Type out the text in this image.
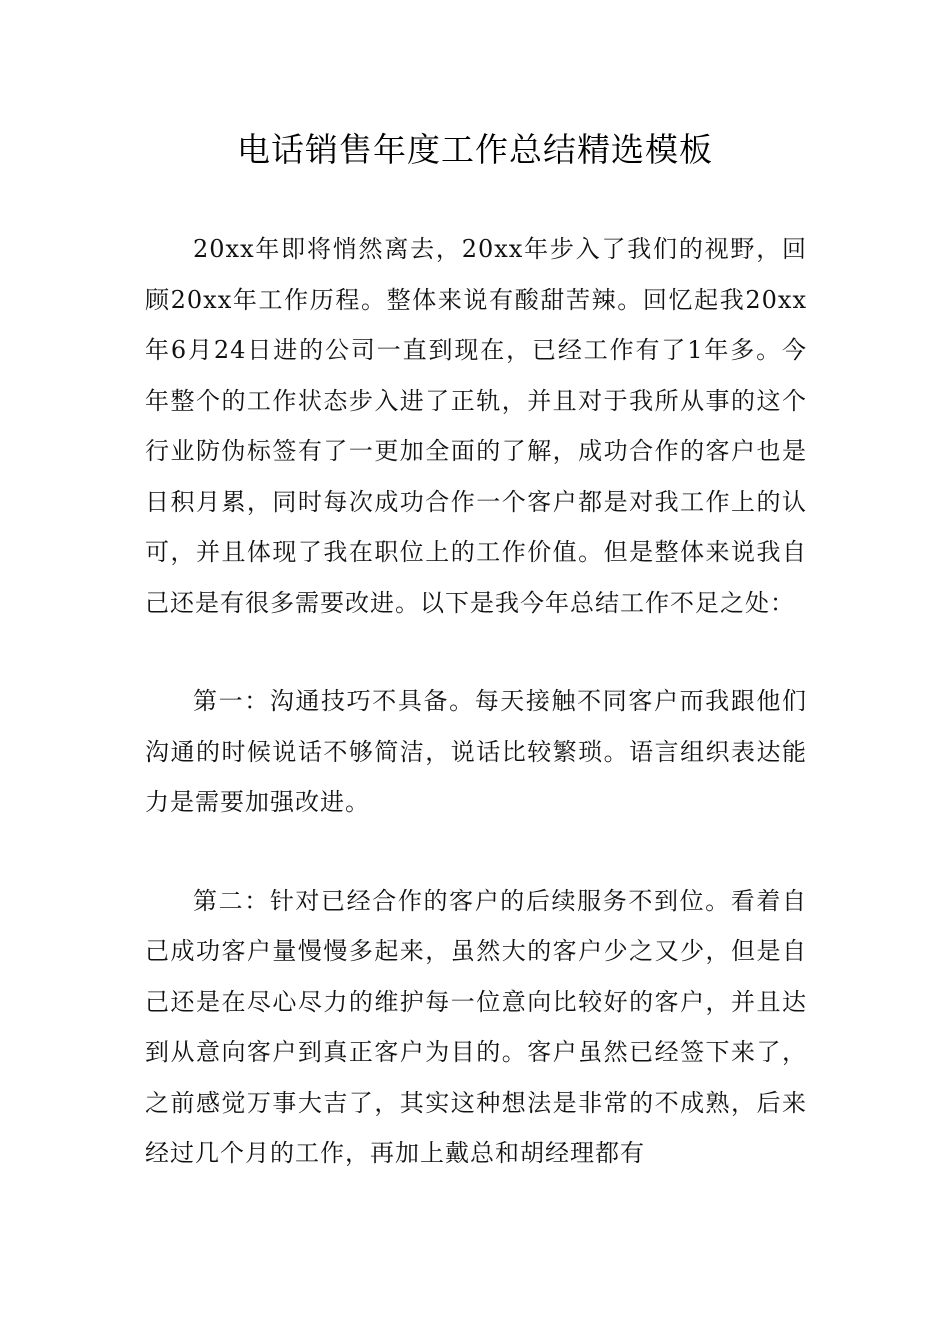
电话销售年度工作总结精选模板

20xx年即将悄然离去，20xx年步入了我们的视野，回顾20xx年工作历程。整体来说有酸甜苦辣。回忆起我20xx年6月24日进的公司一直到现在，已经工作有了1年多。今年整个的工作状态步入进了正轨，并且对于我所从事的这个行业防伪标签有了一更加全面的了解，成功合作的客户也是日积月累，同时每次成功合作一个客户都是对我工作上的认可，并且体现了我在职位上的工作价值。但是整体来说我自己还是有很多需要改进。以下是我今年总结工作不足之处：

第一：沟通技巧不具备。每天接触不同客户而我跟他们沟通的时候说话不够简洁，说话比较繁琐。语言组织表达能力是需要加强改进。

第二：针对已经合作的客户的后续服务不到位。看着自己成功客户量慢慢多起来，虽然大的客户少之又少，但是自己还是在尽心尽力的维护每一位意向比较好的客户，并且达到从意向客户到真正客户为目的。客户虽然已经签下来了，之前感觉万事大吉了，其实这种想法是非常的不成熟，后来经过几个月的工作，再加上戴总和胡经理都有
